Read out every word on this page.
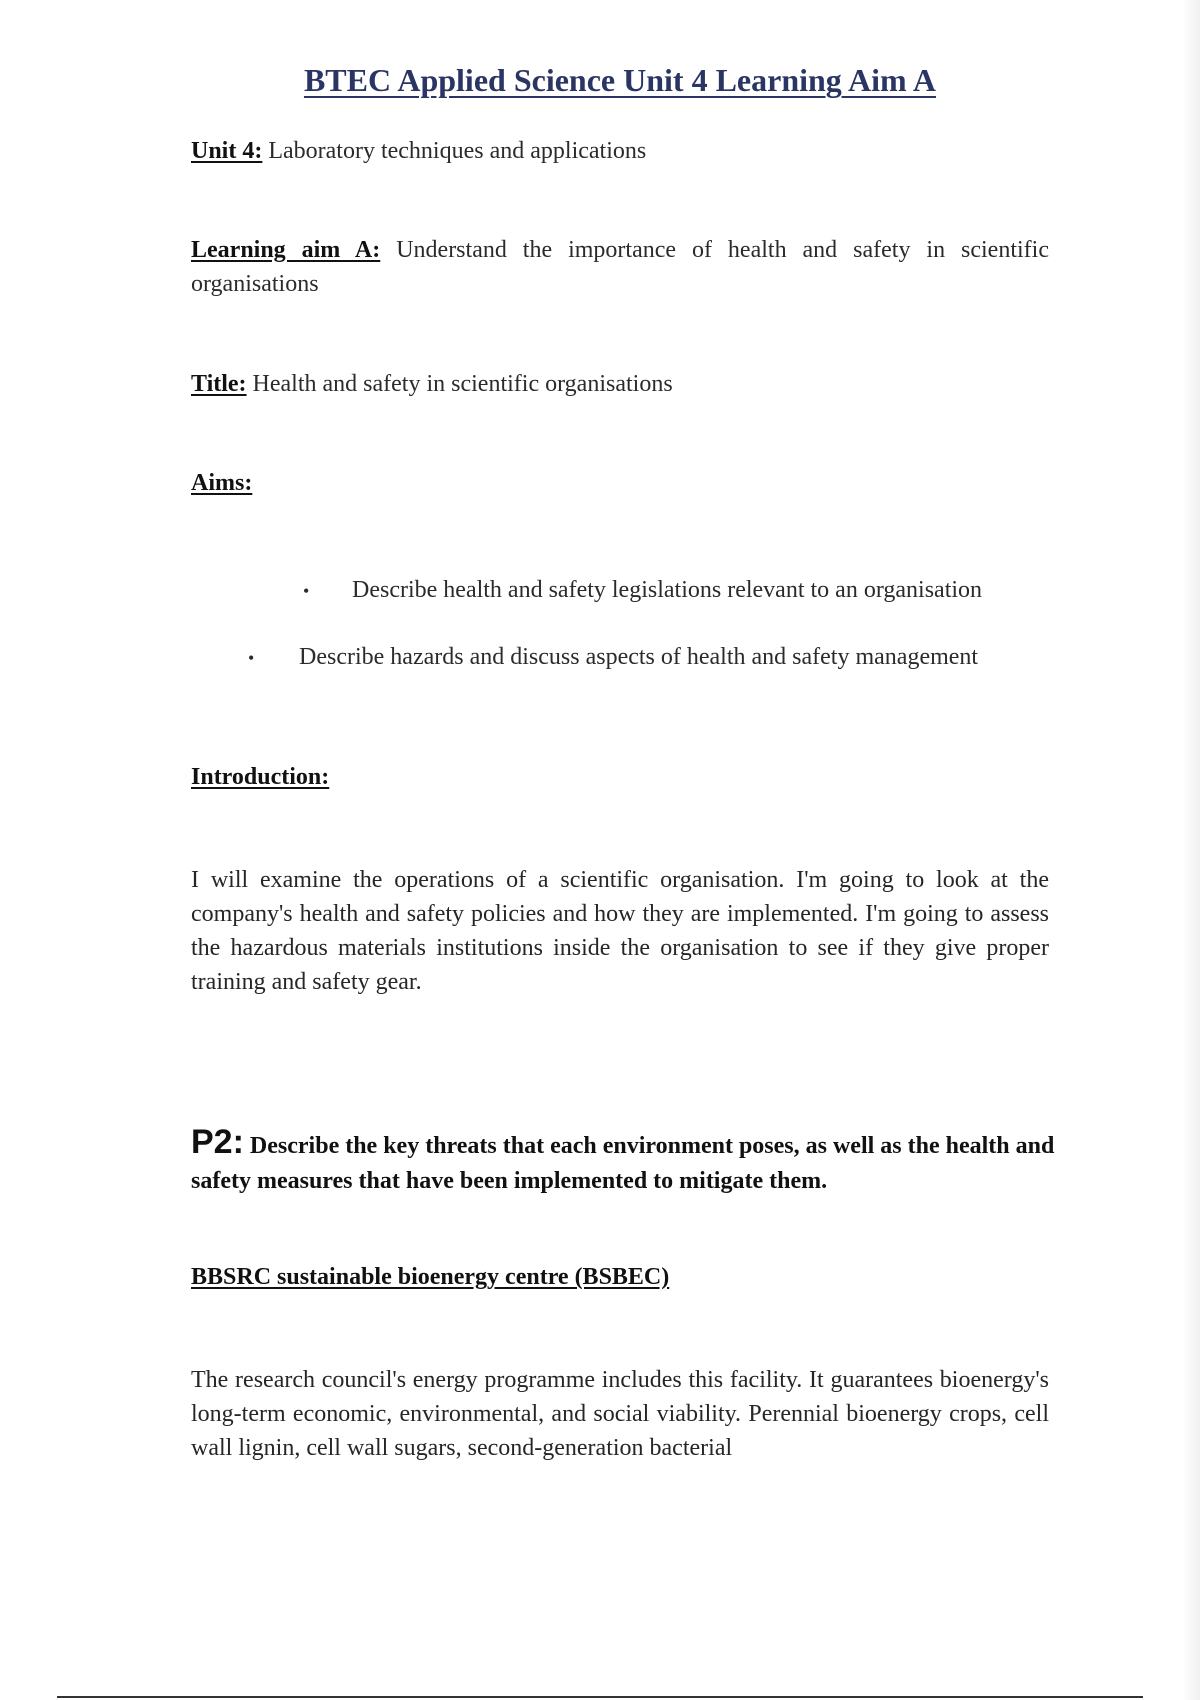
BTEC Applied Science Unit 4 Learning Aim A
Unit 4: Laboratory techniques and applications
Learning aim A: Understand the importance of health and safety in scientific organisations
Title: Health and safety in scientific organisations
Aims:
• Describe health and safety legislations relevant to an organisation
• Describe hazards and discuss aspects of health and safety management
Introduction:
I will examine the operations of a scientific organisation. I'm going to look at the company's health and safety policies and how they are implemented. I'm going to assess the hazardous materials institutions inside the organisation to see if they give proper training and safety gear.
P2: Describe the key threats that each environment poses, as well as the health and safety measures that have been implemented to mitigate them.
BBSRC sustainable bioenergy centre (BSBEC)
The research council's energy programme includes this facility. It guarantees bioenergy's long-term economic, environmental, and social viability. Perennial bioenergy crops, cell wall lignin, cell wall sugars, second-generation bacterial
